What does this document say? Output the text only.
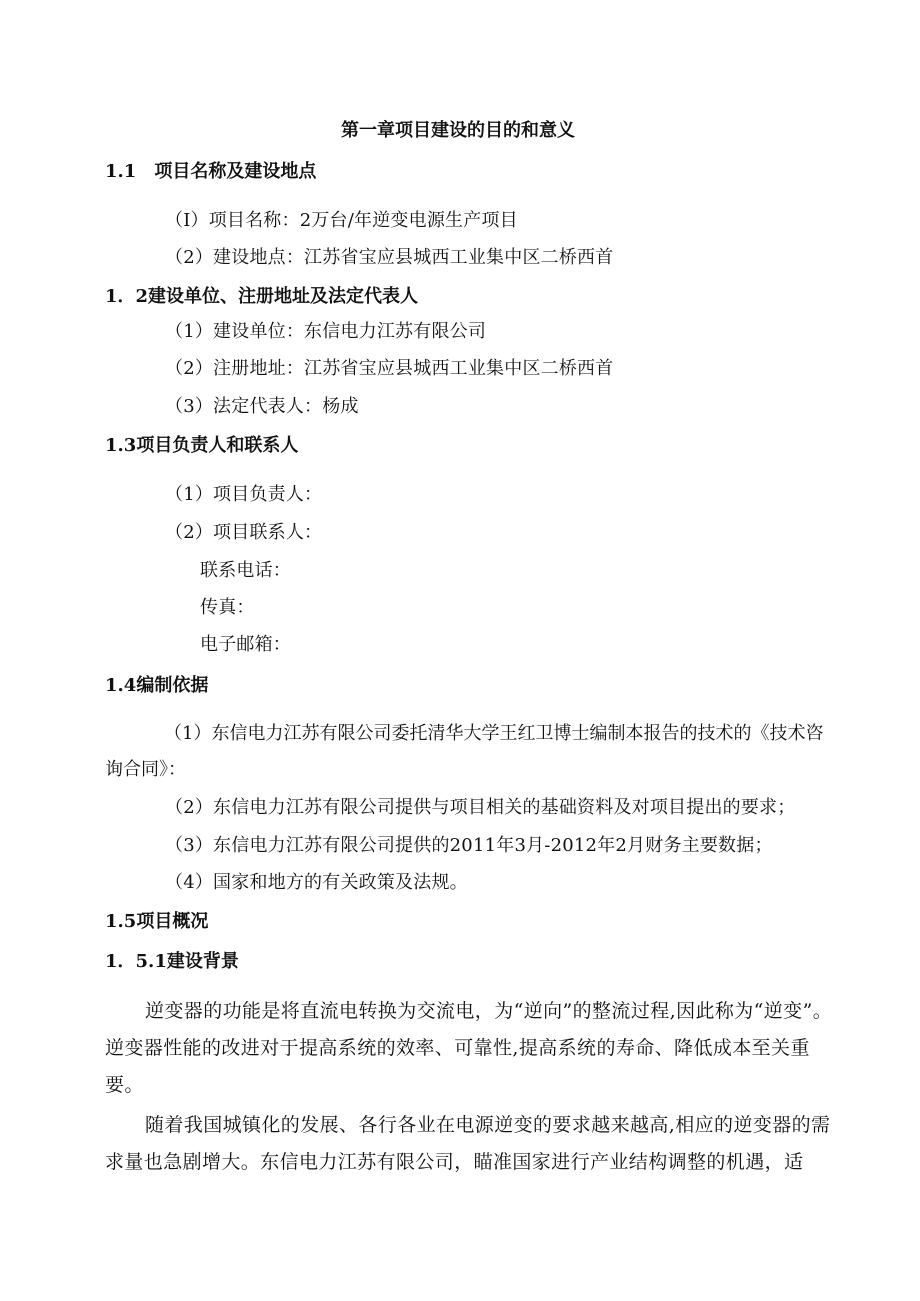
第一章项目建设的目的和意义
1.1　项目名称及建设地点
（I）项目名称：2万台/年逆变电源生产项目
（2）建设地点：江苏省宝应县城西工业集中区二桥西首
1．2建设单位、注册地址及法定代表人
（1）建设单位：东信电力江苏有限公司
（2）注册地址：江苏省宝应县城西工业集中区二桥西首
（3）法定代表人：杨成
1.3项目负责人和联系人
（1）项目负责人：
（2）项目联系人：
联系电话：
传真：
电子邮箱：
1.4编制依据
（1）东信电力江苏有限公司委托清华大学王红卫博士编制本报告的技术的《技术咨询合同》：
（2）东信电力江苏有限公司提供与项目相关的基础资料及对项目提出的要求；
（3）东信电力江苏有限公司提供的2011年3月-2012年2月财务主要数据；
（4）国家和地方的有关政策及法规。
1.5项目概况
1．5.1建设背景
逆变器的功能是将直流电转换为交流电，为“逆向”的整流过程,因此称为“逆变”。逆变器性能的改进对于提高系统的效率、可靠性,提高系统的寿命、降低成本至关重要。
随着我国城镇化的发展、各行各业在电源逆变的要求越来越高,相应的逆变器的需求量也急剧增大。东信电力江苏有限公司，瞄准国家进行产业结构调整的机遇，适
